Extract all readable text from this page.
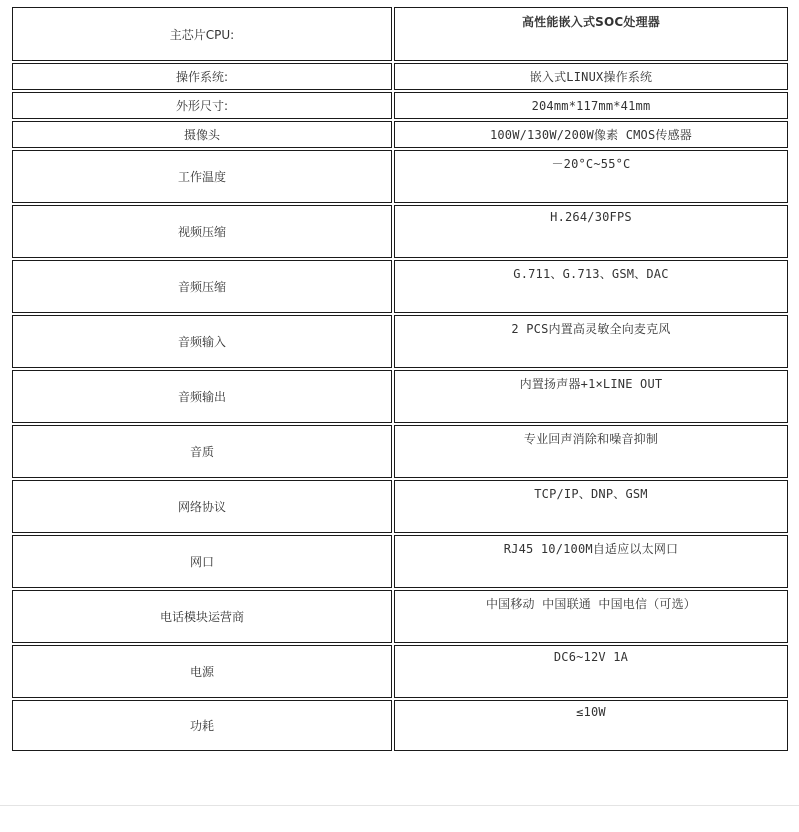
主芯片CPU:	高性能嵌入式SOC处理器

操作系统:	嵌入式LINUX操作系统

外形尺寸:	204mm*117mm*41mm

摄像头	100W/130W/200W像素 CMOS传感器

工作温度	－20°C~55°C

视频压缩	H.264/30FPS

音频压缩	G.711、G.713、GSM、DAC

音频输入	2 PCS内置高灵敏全向麦克风

音频输出	内置扬声器+1×LINE OUT

音质	专业回声消除和噪音抑制

网络协议	TCP/IP、DNP、GSM

网口	RJ45 10/100M自适应以太网口

电话模块运营商	中国移动 中国联通 中国电信（可选）

电源	DC6~12V 1A

功耗	≤10W
